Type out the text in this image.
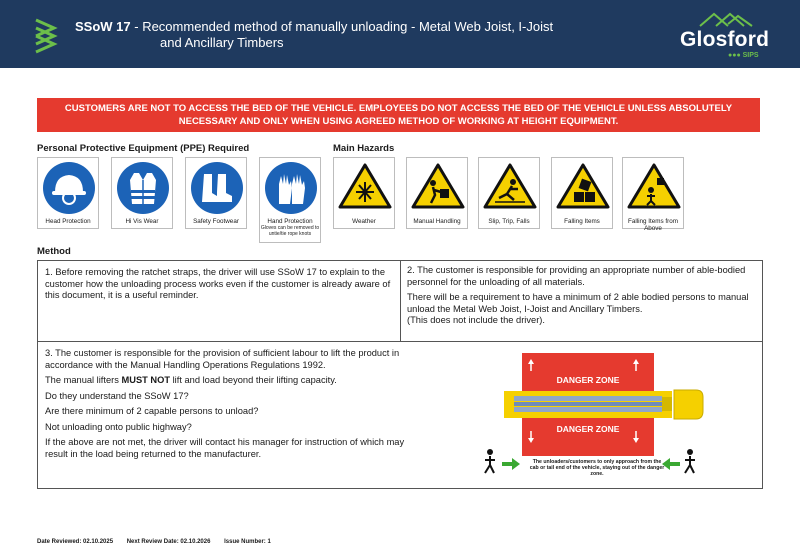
SSoW 17 - Recommended method of manually unloading - Metal Web Joist, I-Joist
and Ancillary Timbers	Glosford
●●● SIPS
CUSTOMERS ARE NOT TO ACCESS THE BED OF THE VEHICLE. EMPLOYEES DO NOT ACCESS THE BED OF THE VEHICLE UNLESS ABSOLUTELY NECESSARY AND ONLY WHEN USING AGREED METHOD OF WORKING AT HEIGHT EQUIPMENT.
Personal Protective Equipment (PPE) Required
Head Protection	Hi Vis Wear	Safety Footwear	Hand Protection
Gloves can be removed to untie/tie rope knots
Main Hazards
Weather	Manual Handling	Slip, Trip, Falls	Falling Items	Falling Items from Above
Method

1. Before removing the ratchet straps, the driver will use SSoW 17 to explain to the customer how the unloading process works even if the customer is already aware of this document, it is a useful reminder.

2. The customer is responsible for providing an appropriate number of able-bodied personnel for the unloading of all materials.

There will be a requirement to have a minimum of 2 able bodied persons to manual unload the Metal Web Joist, I-Joist and Ancillary Timbers.

(This does not include the driver).

3. The customer is responsible for the provision of sufficient labour to lift the product in accordance with the Manual Handling Operations Regulations 1992.

The manual lifters MUST NOT lift and load beyond their lifting capacity.

Do they understand the SSoW 17?

Are there minimum of 2 capable persons to unload?

Not unloading onto public highway?

If the above are not met, the driver will contact his manager for instruction of which may result in the load being returned to the manufacturer.

DANGER ZONE
DANGER ZONE
The unloaders/customers to only approach from the cab or tail end of the vehicle, staying out of the danger zone.
Date Reviewed: 02.10.2025 Next Review Date: 02.10.2026 Issue Number: 1
